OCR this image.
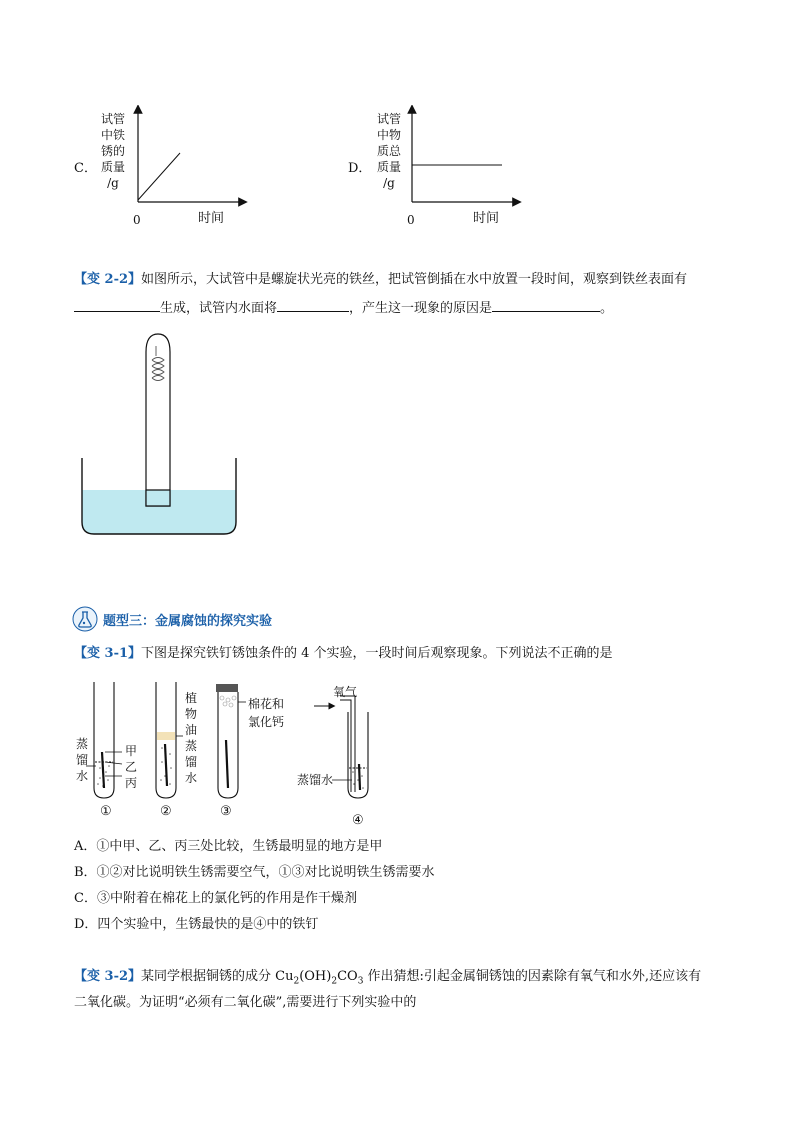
C．
试管
中铁
锈的
质量
/g
0	时间
D．
试管
中物
质总
质量
/g
0	时间
【变 2-2】如图所示，大试管中是螺旋状光亮的铁丝，把试管倒插在水中放置一段时间，观察到铁丝表面有
生成，试管内水面将	，产生这一现象的原因是	。
题型三：金属腐蚀的探究实验
【变 3-1】下图是探究铁钉锈蚀条件的 4 个实验，一段时间后观察现象。下列说法不正确的是
蒸
馏
水
甲
乙
丙
植
物
油
蒸
馏
水
棉花和
氯化钙
氧气
蒸馏水
①	②	③
④
A．①中甲、乙、丙三处比较，生锈最明显的地方是甲
B．①②对比说明铁生锈需要空气，①③对比说明铁生锈需要水
C．③中附着在棉花上的氯化钙的作用是作干燥剂
D．四个实验中，生锈最快的是④中的铁钉
【变 3-2】某同学根据铜锈的成分 $Cu_2(OH)_2CO_3$ 作出猜想:引起金属铜锈蚀的因素除有氧气和水外,还应该有
二氧化碳。为证明“必须有二氧化碳”,需要进行下列实验中的
